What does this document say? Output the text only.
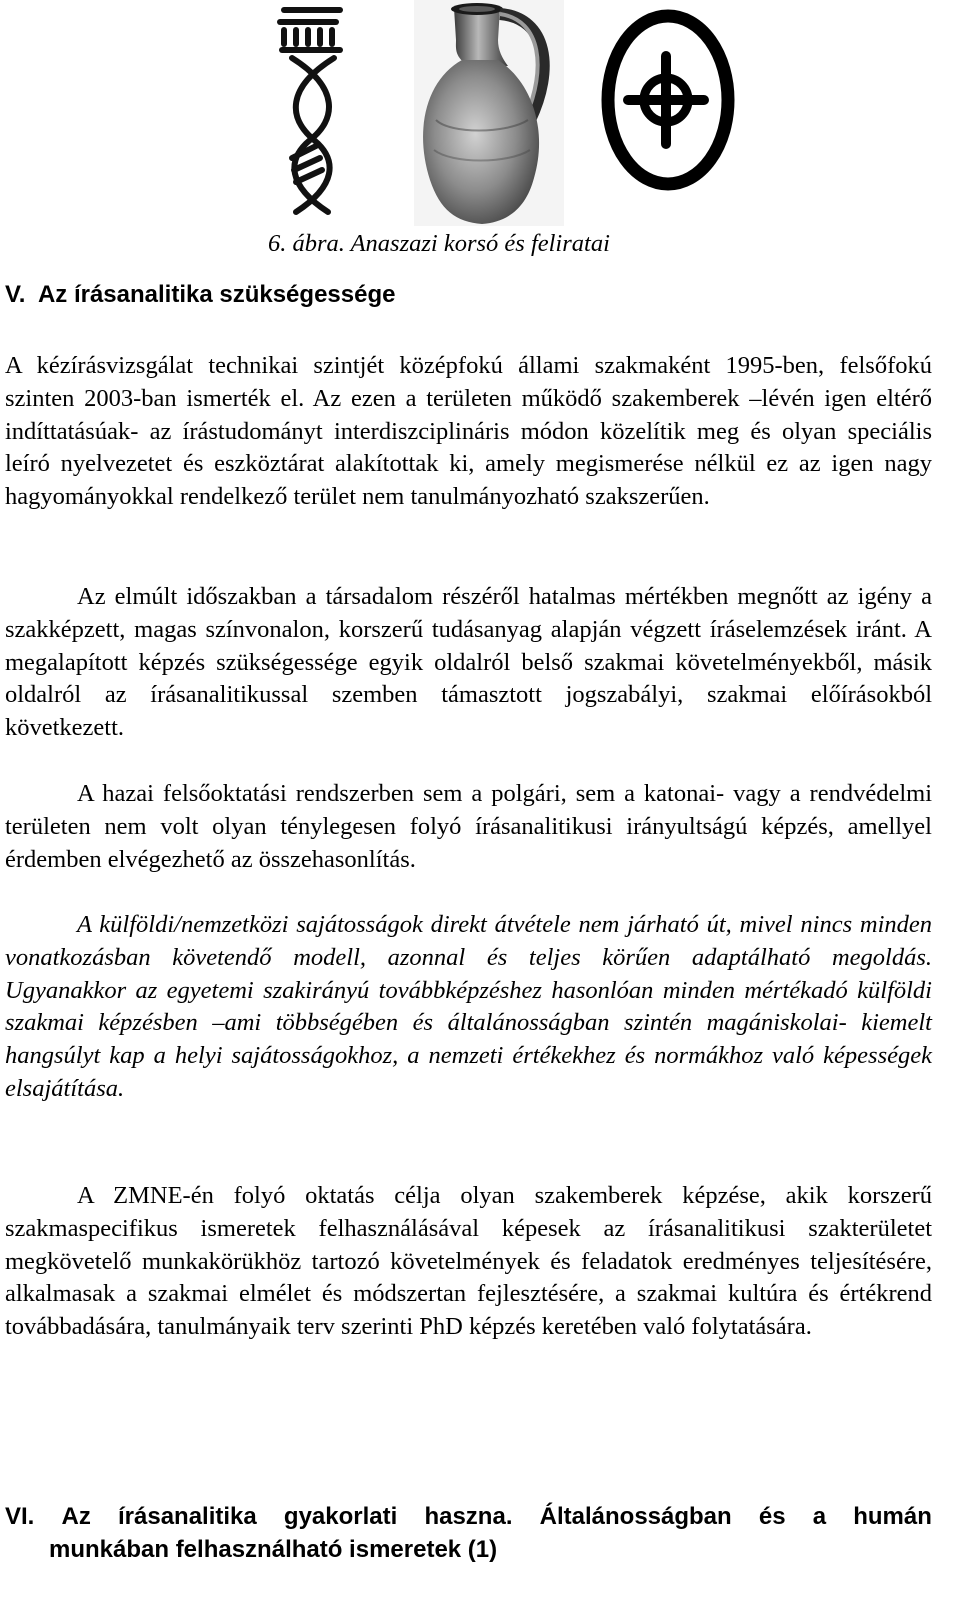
6. ábra. Anaszazi korsó és feliratai
V. Az írásanalitika szükségessége

A kézírásvizsgálat technikai szintjét középfokú állami szakmaként 1995-ben, felsőfokú szinten 2003-ban ismerték el. Az ezen a területen működő szakemberek –lévén igen eltérő indíttatásúak- az írástudományt interdiszciplináris módon közelítik meg és olyan speciális leíró nyelvezetet és eszköztárat alakítottak ki, amely megismerése nélkül ez az igen nagy hagyományokkal rendelkező terület nem tanulmányozható szakszerűen.

Az elmúlt időszakban a társadalom részéről hatalmas mértékben megnőtt az igény a szakképzett, magas színvonalon, korszerű tudásanyag alapján végzett íráselemzések iránt. A megalapított képzés szükségessége egyik oldalról belső szakmai követelményekből, másik oldalról az írásanalitikussal szemben támasztott jogszabályi, szakmai előírásokból következett.

A hazai felsőoktatási rendszerben sem a polgári, sem a katonai- vagy a rendvédelmi területen nem volt olyan ténylegesen folyó írásanalitikusi irányultságú képzés, amellyel érdemben elvégezhető az összehasonlítás.

A külföldi/nemzetközi sajátosságok direkt átvétele nem járható út, mivel nincs minden vonatkozásban követendő modell, azonnal és teljes körűen adaptálható megoldás. Ugyanakkor az egyetemi szakirányú továbbképzéshez hasonlóan minden mértékadó külföldi szakmai képzésben –ami többségében és általánosságban szintén magániskolai- kiemelt hangsúlyt kap a helyi sajátosságokhoz, a nemzeti értékekhez és normákhoz való képességek elsajátítása.

A ZMNE-én folyó oktatás célja olyan szakemberek képzése, akik korszerű szakmaspecifikus ismeretek felhasználásával képesek az írásanalitikusi szakterületet megkövetelő munkakörükhöz tartozó követelmények és feladatok eredményes teljesítésére, alkalmasak a szakmai elmélet és módszertan fejlesztésére, a szakmai kultúra és értékrend továbbadására, tanulmányaik terv szerinti PhD képzés keretében való folytatására.

VI. Az írásanalitika gyakorlati haszna. Általánosságban és a humán
munkában felhasználható ismeretek (1)
